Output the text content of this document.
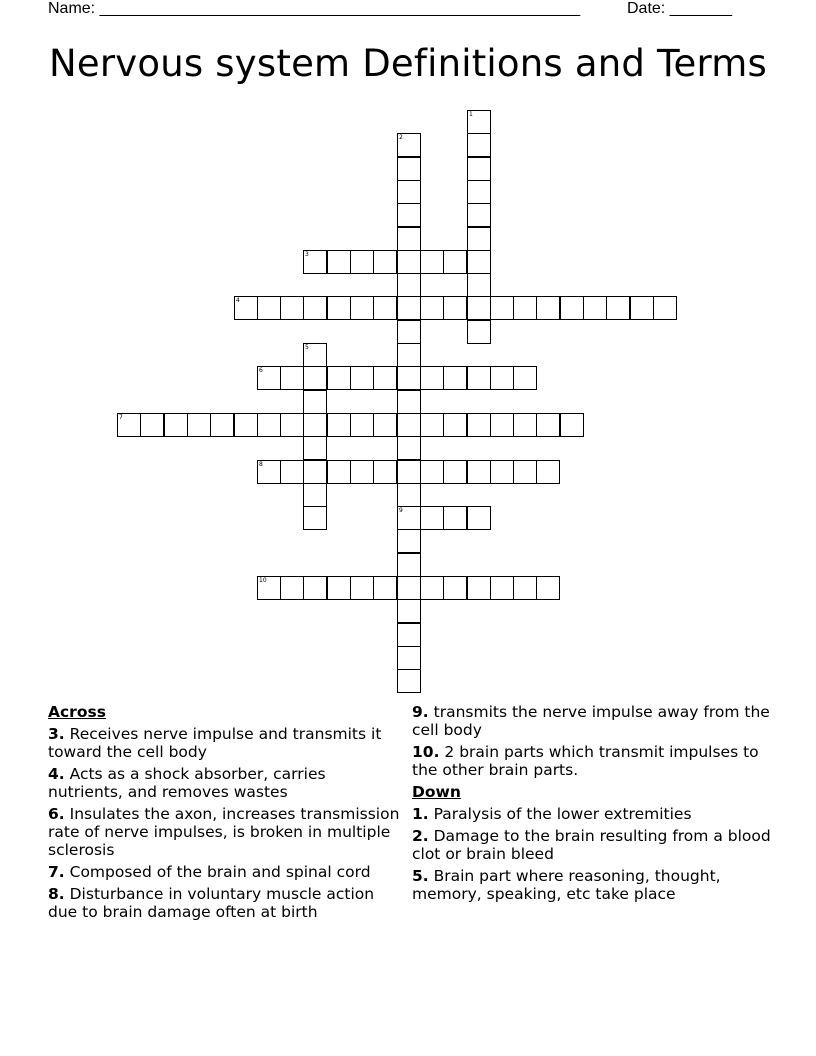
Name: ______________________________________________________	Date: _______
Nervous system Definitions and Terms
1
2
9
3
4
5
6
7
8
10
Across
3. Receives nerve impulse and transmits it toward the cell body
4. Acts as a shock absorber, carries nutrients, and removes wastes
6. Insulates the axon, increases transmission rate of nerve impulses, is broken in multiple sclerosis
7. Composed of the brain and spinal cord
8. Disturbance in voluntary muscle action due to brain damage often at birth
9. transmits the nerve impulse away from the cell body
10. 2 brain parts which transmit impulses to the other brain parts.
Down
1. Paralysis of the lower extremities
2. Damage to the brain resulting from a blood clot or brain bleed
5. Brain part where reasoning, thought, memory, speaking, etc take place
